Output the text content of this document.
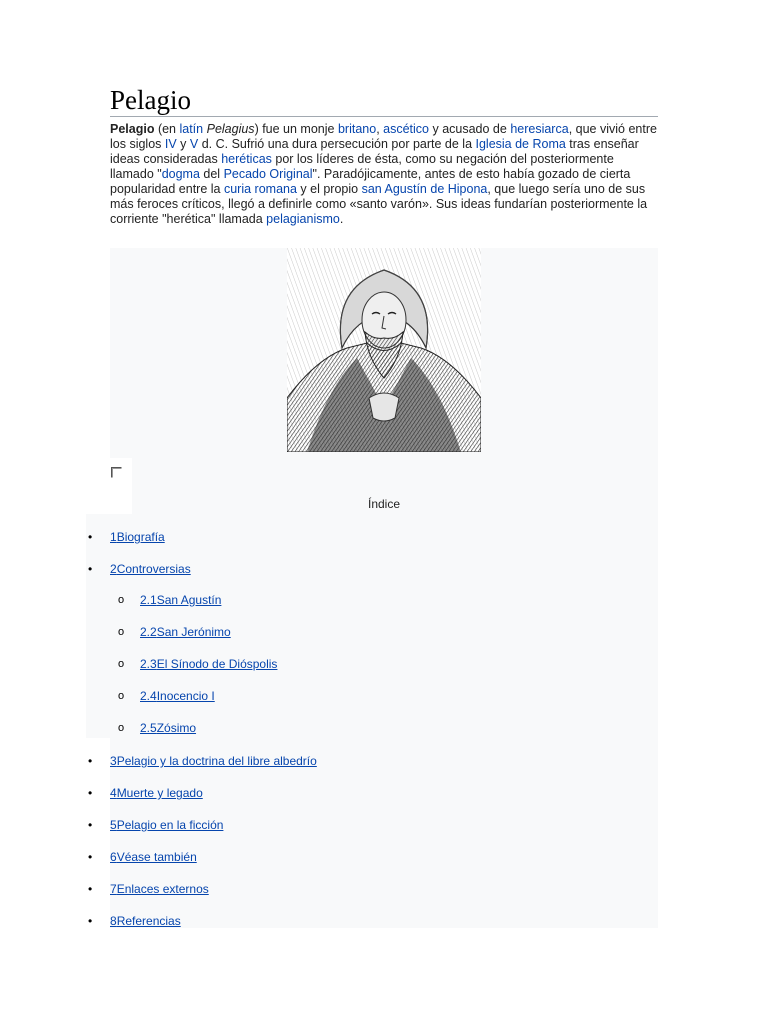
Pelagio

Pelagio (en latín Pelagius) fue un monje britano, ascético y acusado de heresiarca, que vivió entre los siglos IV y V d. C. Sufrió una dura persecución por parte de la Iglesia de Roma tras enseñar ideas consideradas heréticas por los líderes de ésta, como su negación del posteriormente llamado "dogma del Pecado Original". Paradójicamente, antes de esto había gozado de cierta popularidad entre la curia romana y el propio san Agustín de Hipona, que luego sería uno de sus más feroces críticos, llegó a definirle como «santo varón». Sus ideas fundarían posteriormente la corriente "herética" llamada pelagianismo.

Índice
• 1Biografía
• 2Controversias
o 2.1San Agustín
o 2.2San Jerónimo
o 2.3El Sínodo de Dióspolis
o 2.4Inocencio I
o 2.5Zósimo
• 3Pelagio y la doctrina del libre albedrío
• 4Muerte y legado
• 5Pelagio en la ficción
• 6Véase también
• 7Enlaces externos
• 8Referencias
